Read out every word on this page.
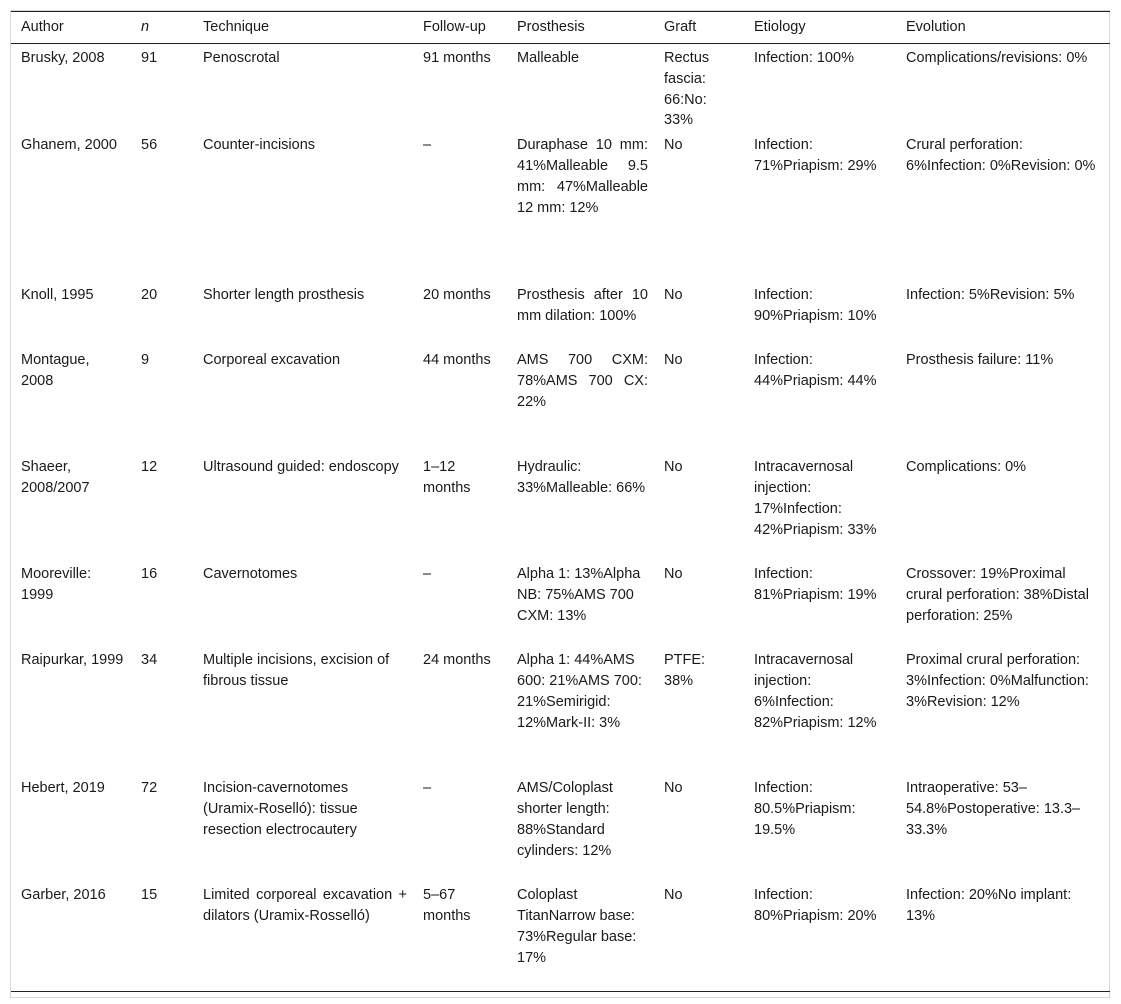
Author	n	Technique	Follow-up	Prosthesis	Graft	Etiology	Evolution
Brusky, 2008	91	Penoscrotal	91 months	Malleable	Rectus fascia: 66:No: 33%	Infection: 100%	Complications/revisions: 0%
Ghanem, 2000	56	Counter-incisions	–	Duraphase 10 mm: 41%Malleable 9.5 mm: 47%Malleable 12 mm: 12%	No	Infection: 71%Priapism: 29%	Crural perforation: 6%Infection: 0%Revision: 0%
Knoll, 1995	20	Shorter length prosthesis	20 months	Prosthesis after 10 mm dilation: 100%	No	Infection: 90%Priapism: 10%	Infection: 5%Revision: 5%
Montague, 2008	9	Corporeal excavation	44 months	AMS 700 CXM: 78%AMS 700 CX: 22%	No	Infection: 44%Priapism: 44%	Prosthesis failure: 11%
Shaeer, 2008/2007	12	Ultrasound guided: endoscopy	1–12 months	Hydraulic: 33%Malleable: 66%	No	Intracavernosal injection: 17%Infection: 42%Priapism: 33%	Complications: 0%
Mooreville: 1999	16	Cavernotomes	–	Alpha 1: 13%Alpha NB: 75%AMS 700 CXM: 13%	No	Infection: 81%Priapism: 19%	Crossover: 19%Proximal crural perforation: 38%Distal perforation: 25%
Raipurkar, 1999	34	Multiple incisions, excision of fibrous tissue	24 months	Alpha 1: 44%AMS 600: 21%AMS 700: 21%Semirigid: 12%Mark-II: 3%	PTFE: 38%	Intracavernosal injection: 6%Infection: 82%Priapism: 12%	Proximal crural perforation: 3%Infection: 0%Malfunction: 3%Revision: 12%
Hebert, 2019	72	Incision-cavernotomes (Uramix-Roselló): tissue resection electrocautery	–	AMS/Coloplast shorter length: 88%Standard cylinders: 12%	No	Infection: 80.5%Priapism: 19.5%	Intraoperative: 53–54.8%Postoperative: 13.3–33.3%
Garber, 2016	15	Limited corporeal excavation + dilators (Uramix-Rosselló)	5–67 months	Coloplast TitanNarrow base: 73%Regular base: 17%	No	Infection: 80%Priapism: 20%	Infection: 20%No implant: 13%
